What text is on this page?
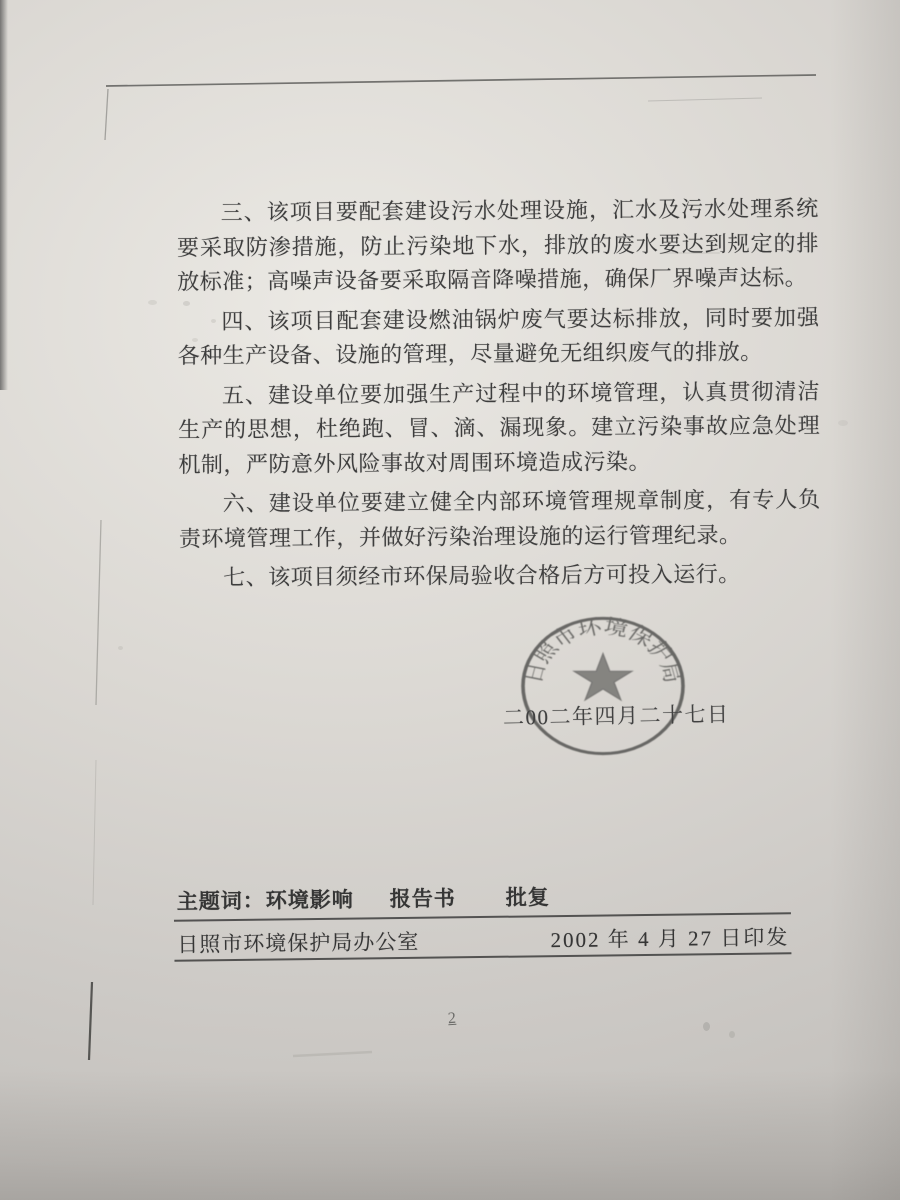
三、该项目要配套建设污水处理设施，汇水及污水处理系统要采取防渗措施，防止污染地下水，排放的废水要达到规定的排放标准；高噪声设备要采取隔音降噪措施，确保厂界噪声达标。

四、该项目配套建设燃油锅炉废气要达标排放，同时要加强各种生产设备、设施的管理，尽量避免无组织废气的排放。

五、建设单位要加强生产过程中的环境管理，认真贯彻清洁生产的思想，杜绝跑、冒、滴、漏现象。建立污染事故应急处理机制，严防意外风险事故对周围环境造成污染。

六、建设单位要建立健全内部环境管理规章制度，有专人负责环境管理工作，并做好污染治理设施的运行管理纪录。

七、该项目须经市环保局验收合格后方可投入运行。

日照市环境保护局
二00二年四月二十七日
主题词： 环境影响 报告书 批复
日照市环境保护局办公室	2002 年 4 月 27 日印发
2
